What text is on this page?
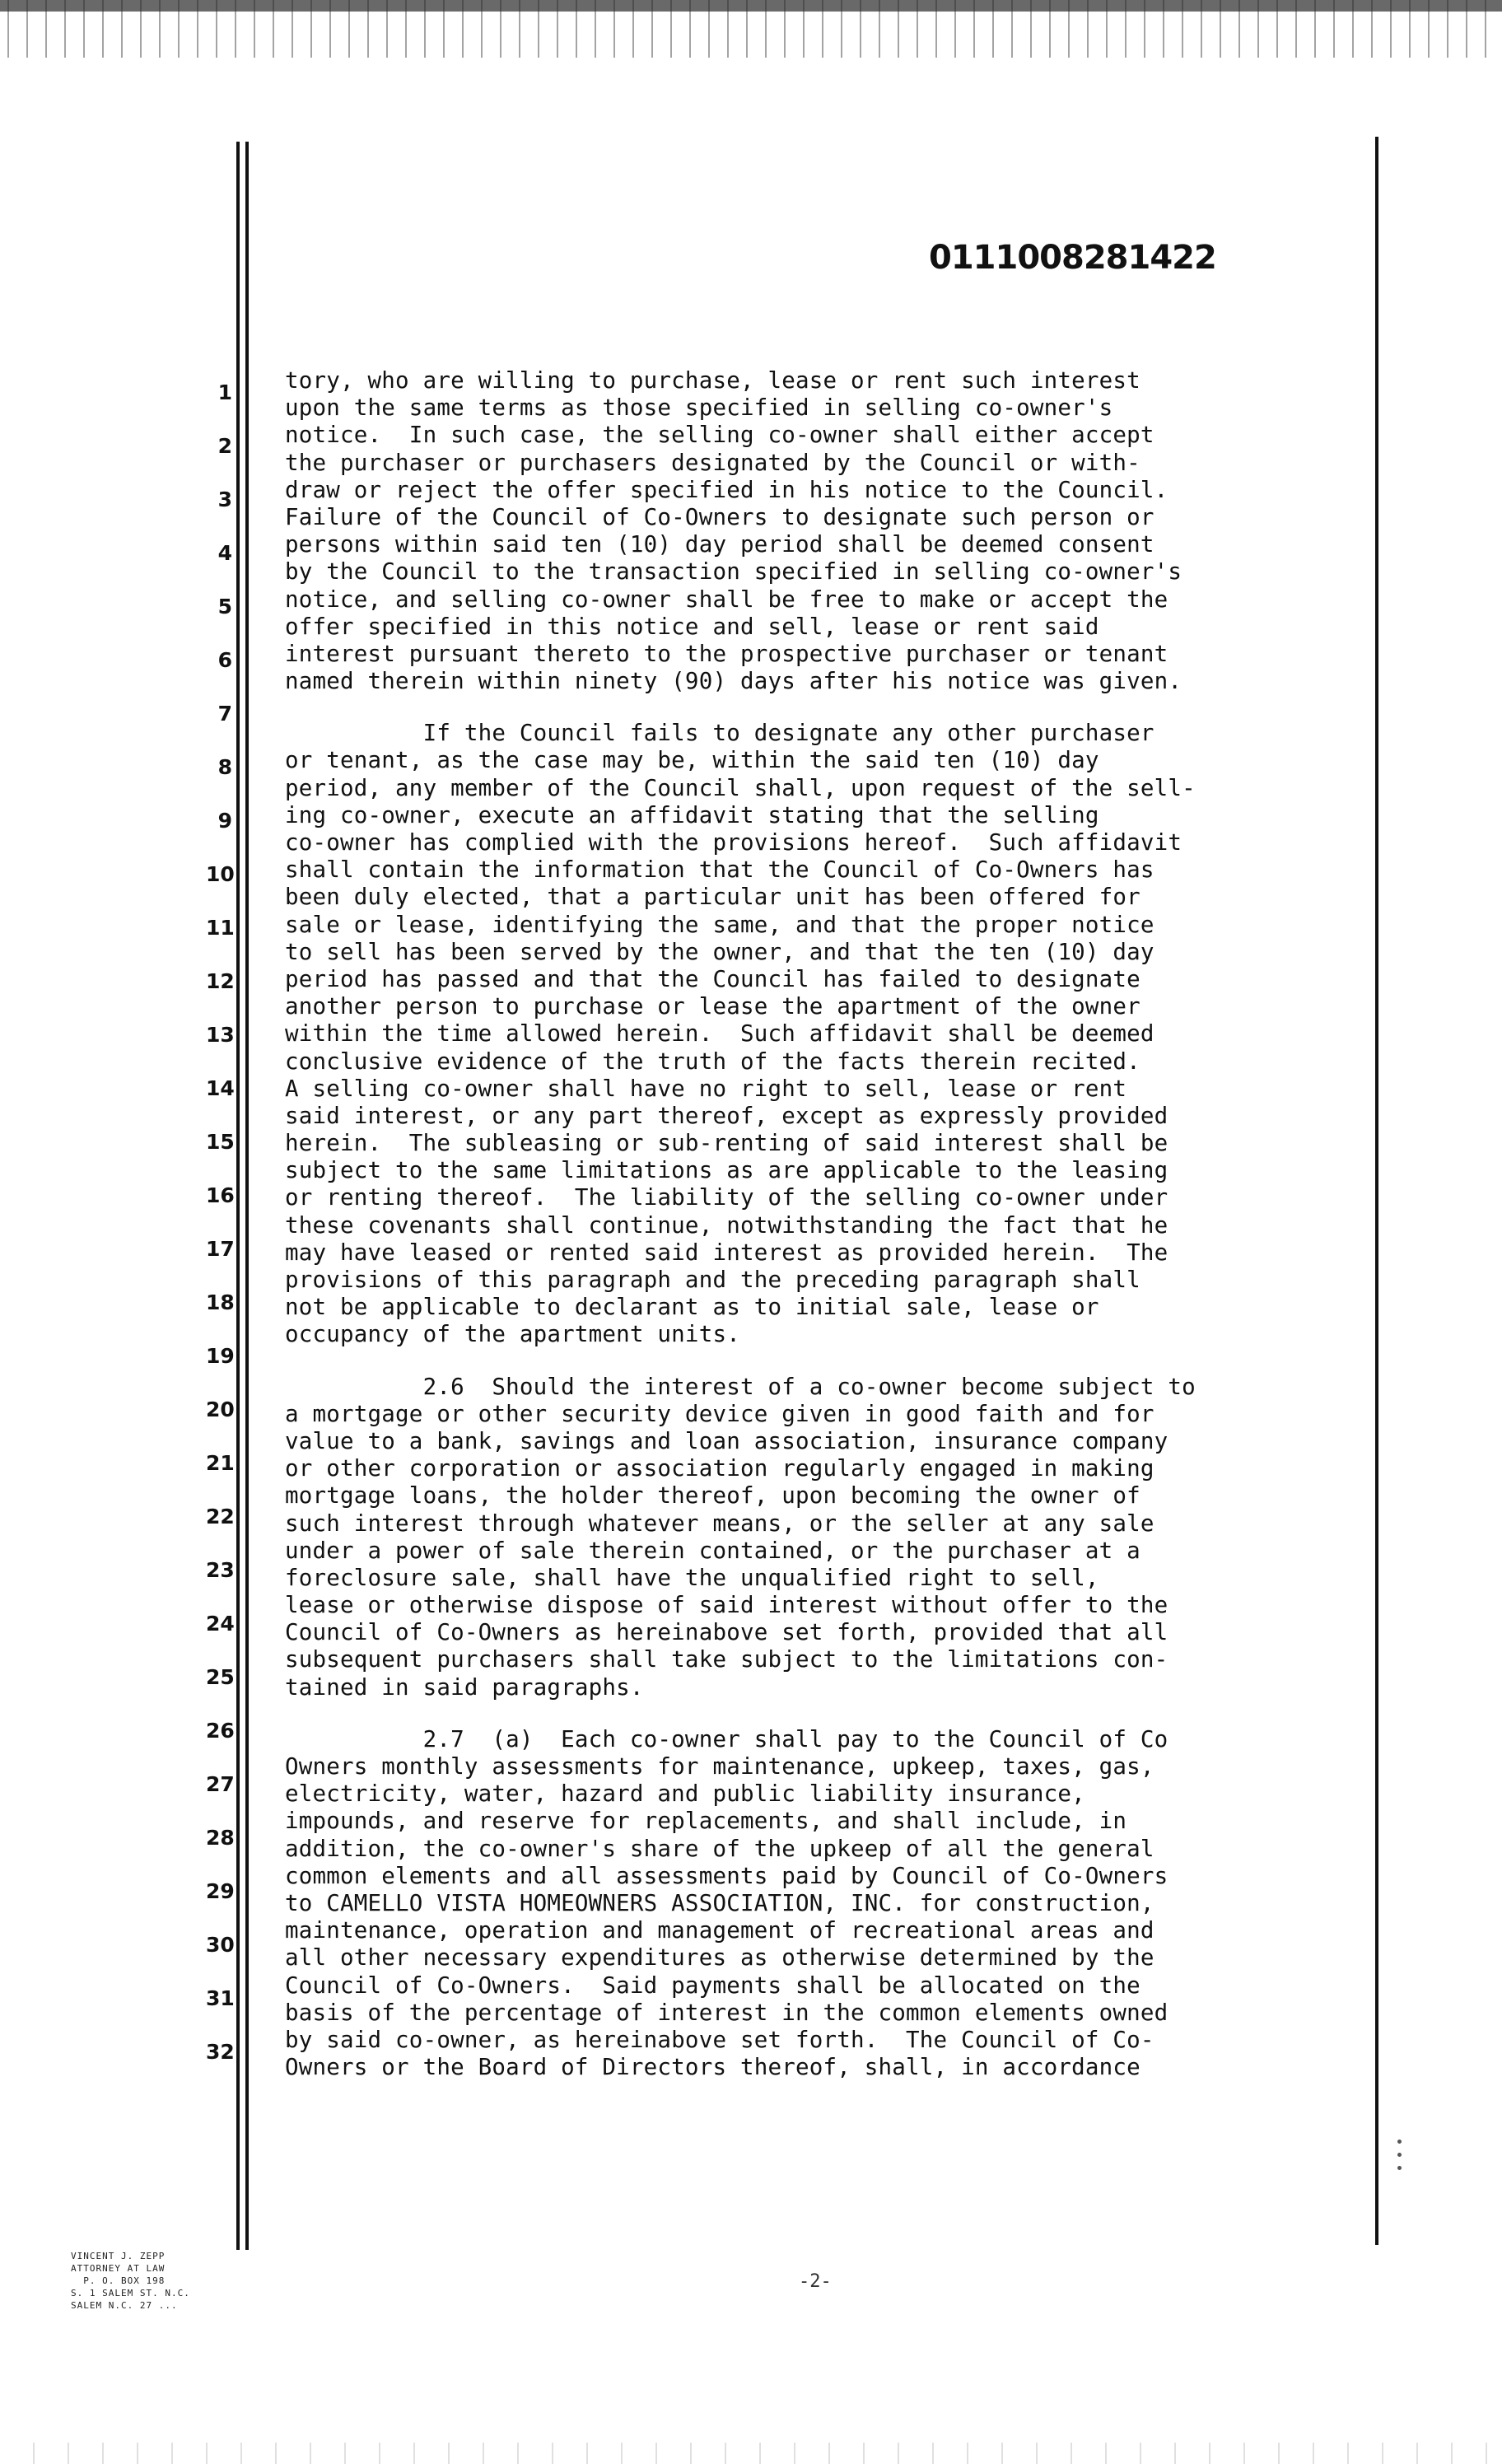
0111008281422
1
2
3
4
5
6
7
8
9
10
11
12
13
14
15
16
17
18
19
20
21
22
23
24
25
26
27
28
29
30
31
32
tory, who are willing to purchase, lease or rent such interest
upon the same terms as those specified in selling co-owner's
notice.  In such case, the selling co-owner shall either accept
the purchaser or purchasers designated by the Council or with-
draw or reject the offer specified in his notice to the Council.
Failure of the Council of Co-Owners to designate such person or
persons within said ten (10) day period shall be deemed consent
by the Council to the transaction specified in selling co-owner's
notice, and selling co-owner shall be free to make or accept the
offer specified in this notice and sell, lease or rent said
interest pursuant thereto to the prospective purchaser or tenant
named therein within ninety (90) days after his notice was given.
If the Council fails to designate any other purchaser
or tenant, as the case may be, within the said ten (10) day
period, any member of the Council shall, upon request of the sell-
ing co-owner, execute an affidavit stating that the selling
co-owner has complied with the provisions hereof.  Such affidavit
shall contain the information that the Council of Co-Owners has
been duly elected, that a particular unit has been offered for
sale or lease, identifying the same, and that the proper notice
to sell has been served by the owner, and that the ten (10) day
period has passed and that the Council has failed to designate
another person to purchase or lease the apartment of the owner
within the time allowed herein.  Such affidavit shall be deemed
conclusive evidence of the truth of the facts therein recited.
A selling co-owner shall have no right to sell, lease or rent
said interest, or any part thereof, except as expressly provided
herein.  The subleasing or sub-renting of said interest shall be
subject to the same limitations as are applicable to the leasing
or renting thereof.  The liability of the selling co-owner under
these covenants shall continue, notwithstanding the fact that he
may have leased or rented said interest as provided herein.  The
provisions of this paragraph and the preceding paragraph shall
not be applicable to declarant as to initial sale, lease or
occupancy of the apartment units.
2.6  Should the interest of a co-owner become subject to
a mortgage or other security device given in good faith and for
value to a bank, savings and loan association, insurance company
or other corporation or association regularly engaged in making
mortgage loans, the holder thereof, upon becoming the owner of
such interest through whatever means, or the seller at any sale
under a power of sale therein contained, or the purchaser at a
foreclosure sale, shall have the unqualified right to sell,
lease or otherwise dispose of said interest without offer to the
Council of Co-Owners as hereinabove set forth, provided that all
subsequent purchasers shall take subject to the limitations con-
tained in said paragraphs.
2.7  (a)  Each co-owner shall pay to the Council of Co
Owners monthly assessments for maintenance, upkeep, taxes, gas,
electricity, water, hazard and public liability insurance,
impounds, and reserve for replacements, and shall include, in
addition, the co-owner's share of the upkeep of all the general
common elements and all assessments paid by Council of Co-Owners
to CAMELLO VISTA HOMEOWNERS ASSOCIATION, INC. for construction,
maintenance, operation and management of recreational areas and
all other necessary expenditures as otherwise determined by the
Council of Co-Owners.  Said payments shall be allocated on the
basis of the percentage of interest in the common elements owned
by said co-owner, as hereinabove set forth.  The Council of Co-
Owners or the Board of Directors thereof, shall, in accordance
VINCENT J. ZEPP
ATTORNEY AT LAW
P. O. BOX 198
S. 1 SALEM ST. N.C.
SALEM N.C. 27 ...
-2-
